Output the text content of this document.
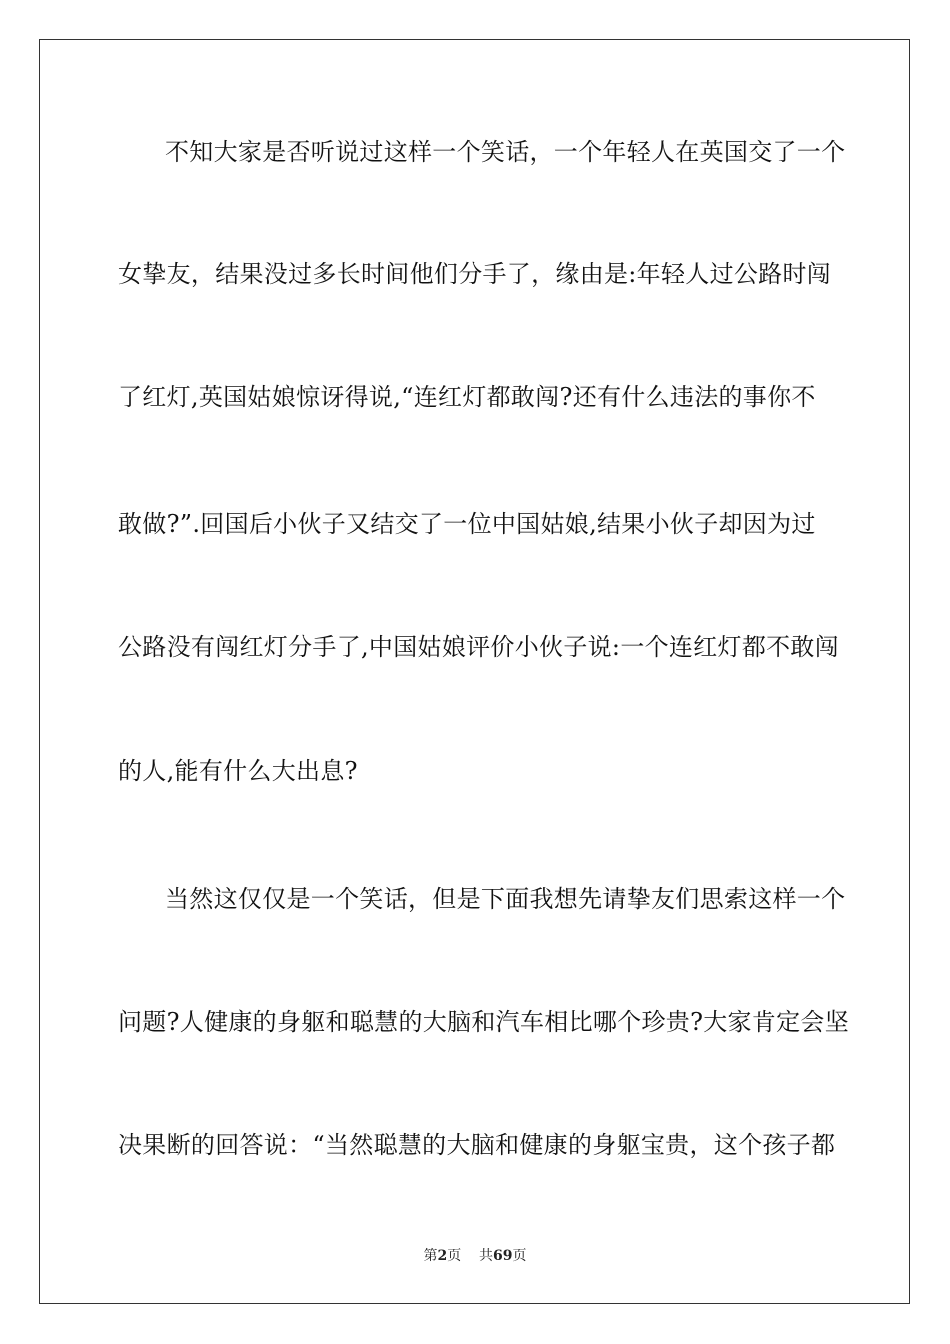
不知大家是否听说过这样一个笑话，一个年轻人在英国交了一个
女挚友，结果没过多长时间他们分手了，缘由是:年轻人过公路时闯
了红灯,英国姑娘惊讶得说,“连红灯都敢闯?还有什么违法的事你不
敢做?”.回国后小伙子又结交了一位中国姑娘,结果小伙子却因为过
公路没有闯红灯分手了,中国姑娘评价小伙子说:一个连红灯都不敢闯
的人,能有什么大出息?
当然这仅仅是一个笑话，但是下面我想先请挚友们思索这样一个
问题?人健康的身躯和聪慧的大脑和汽车相比哪个珍贵?大家肯定会坚
决果断的回答说：“当然聪慧的大脑和健康的身躯宝贵，这个孩子都
第2页 共69页
